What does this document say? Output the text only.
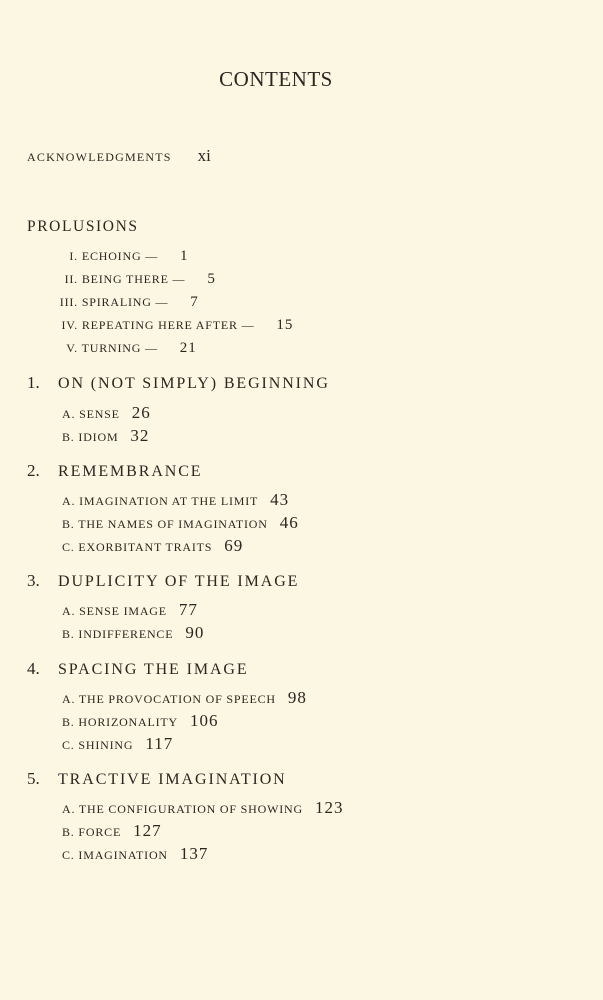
CONTENTS
ACKNOWLEDGMENTS xi
PROLUSIONS
I. ECHOING — 1
II. BEING THERE — 5
III. SPIRALING — 7
IV. REPEATING HERE AFTER — 15
V. TURNING — 21
1. ON (NOT SIMPLY) BEGINNING
A. SENSE 26
B. IDIOM 32
2. REMEMBRANCE
A. IMAGINATION AT THE LIMIT 43
B. THE NAMES OF IMAGINATION 46
C. EXORBITANT TRAITS 69
3. DUPLICITY OF THE IMAGE
A. SENSE IMAGE 77
B. INDIFFERENCE 90
4. SPACING THE IMAGE
A. THE PROVOCATION OF SPEECH 98
B. HORIZONALITY 106
C. SHINING 117
5. TRACTIVE IMAGINATION
A. THE CONFIGURATION OF SHOWING 123
B. FORCE 127
C. IMAGINATION 137
